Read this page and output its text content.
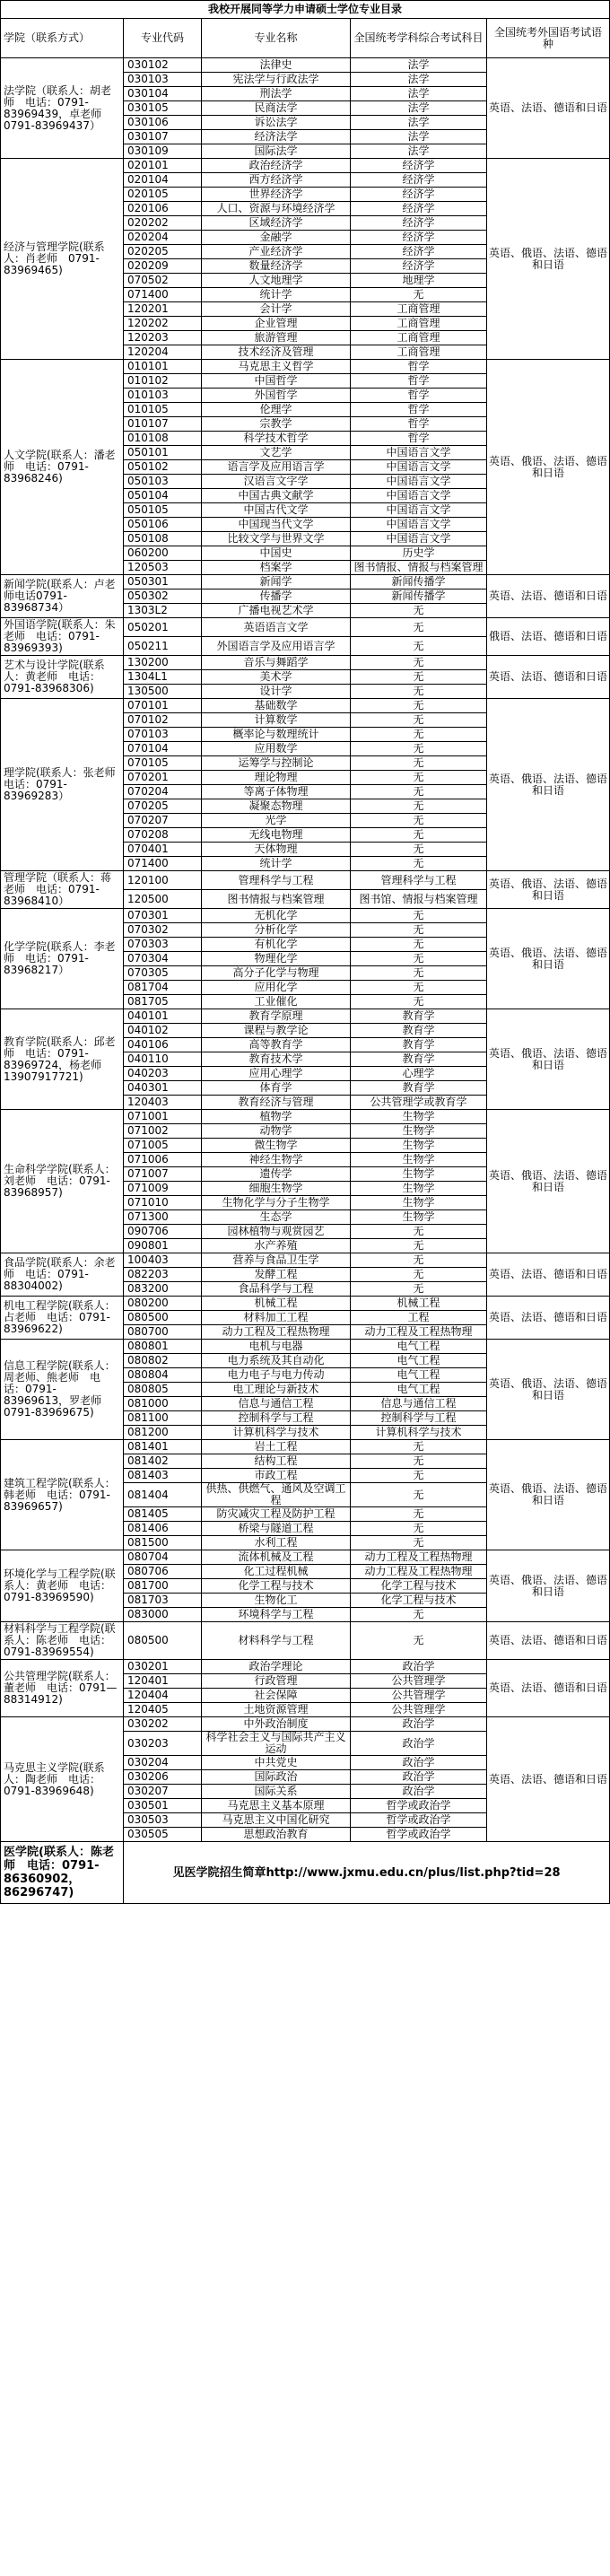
我校开展同等学力申请硕士学位专业目录				
学院（联系方式）	专业代码	专业名称	全国统考学科综合考试科目	全国统考外国语考试语种
法学院（联系人：胡老师　电话：0791-83969439，卓老师0791-83969437）	030102	法律史	法学	英语、法语、德语和日语
	030103	宪法学与行政法学	法学	
	030104	刑法学	法学	
	030105	民商法学	法学	
	030106	诉讼法学	法学	
	030107	经济法学	法学	
	030109	国际法学	法学	
经济与管理学院(联系人：肖老师　0791-83969465)	020101	政治经济学	经济学	英语、俄语、法语、德语和日语
	020104	西方经济学	经济学	
	020105	世界经济学	经济学	
	020106	人口、资源与环境经济学	经济学	
	020202	区域经济学	经济学	
	020204	金融学	经济学	
	020205	产业经济学	经济学	
	020209	数量经济学	经济学	
	070502	人文地理学	地理学	
	071400	统计学	无	
	120201	会计学	工商管理	
	120202	企业管理	工商管理	
	120203	旅游管理	工商管理	
	120204	技术经济及管理	工商管理	
人文学院(联系人：潘老师　电话：0791-83968246)	010101	马克思主义哲学	哲学	英语、俄语、法语、德语和日语
	010102	中国哲学	哲学	
	010103	外国哲学	哲学	
	010105	伦理学	哲学	
	010107	宗教学	哲学	
	010108	科学技术哲学	哲学	
	050101	文艺学	中国语言文学	
	050102	语言学及应用语言学	中国语言文学	
	050103	汉语言文字学	中国语言文学	
	050104	中国古典文献学	中国语言文学	
	050105	中国古代文学	中国语言文学	
	050106	中国现当代文学	中国语言文学	
	050108	比较文学与世界文学	中国语言文学	
	060200	中国史	历史学	
	120503	档案学	图书情报、情报与档案管理	
新闻学院(联系人：卢老师电话0791-83968734）	050301	新闻学	新闻传播学	英语、法语、德语和日语
	050302	传播学	新闻传播学	
	1303L2	广播电视艺术学	无	
外国语学院(联系人：朱老师　电话：0791-83969393)	050201	英语语言文学	无	俄语、法语、德语和日语
	050211	外国语言学及应用语言学	无	
艺术与设计学院(联系人：黄老师　电话：0791-83968306)	130200	音乐与舞蹈学	无	英语、法语、德语和日语
	1304L1	美术学	无	
	130500	设计学	无	
理学院(联系人：张老师　电话：0791-83969283）	070101	基础数学	无	英语、俄语、法语、德语和日语
	070102	计算数学	无	
	070103	概率论与数理统计	无	
	070104	应用数学	无	
	070105	运筹学与控制论	无	
	070201	理论物理	无	
	070204	等离子体物理	无	
	070205	凝聚态物理	无	
	070207	光学	无	
	070208	无线电物理	无	
	070401	天体物理	无	
	071400	统计学	无	
管理学院（联系人：蒋老师　电话：0791-83968410）	120100	管理科学与工程	管理科学与工程	英语、俄语、法语、德语和日语
	120500	图书情报与档案管理	图书馆、情报与档案管理	
化学学院(联系人：李老师　电话：0791-83968217）	070301	无机化学	无	英语、俄语、法语、德语和日语
	070302	分析化学	无	
	070303	有机化学	无	
	070304	物理化学	无	
	070305	高分子化学与物理	无	
	081704	应用化学	无	
	081705	工业催化	无	
教育学院(联系人：邱老师　电话：0791-83969724，杨老师13907917721)	040101	教育学原理	教育学	英语、俄语、法语、德语和日语
	040102	课程与教学论	教育学	
	040106	高等教育学	教育学	
	040110	教育技术学	教育学	
	040203	应用心理学	心理学	
	040301	体育学	教育学	
	120403	教育经济与管理	公共管理学或教育学	
生命科学学院(联系人：刘老师　电话：0791-83968957)	071001	植物学	生物学	英语、俄语、法语、德语和日语
	071002	动物学	生物学	
	071005	微生物学	生物学	
	071006	神经生物学	生物学	
	071007	遗传学	生物学	
	071009	细胞生物学	生物学	
	071010	生物化学与分子生物学	生物学	
	071300	生态学	生物学	
	090706	园林植物与观赏园艺	无	
	090801	水产养殖	无	
食品学院(联系人：余老师　电话：0791-88304002)	100403	营养与食品卫生学	无	英语、法语、德语和日语
	082203	发酵工程	无	
	083200	食品科学与工程	无	
机电工程学院(联系人：占老师　电话：0791-83969622)	080200	机械工程	机械工程	英语、法语、德语和日语
	080500	材料加工工程	工程	
	080700	动力工程及工程热物理	动力工程及工程热物理	
信息工程学院(联系人：周老师、熊老师　电话：0791-83969613，罗老师0791-83969675)	080801	电机与电器	电气工程	英语、俄语、法语、德语和日语
	080802	电力系统及其自动化	电气工程	
	080804	电力电子与电力传动	电气工程	
	080805	电工理论与新技术	电气工程	
	081000	信息与通信工程	信息与通信工程	
	081100	控制科学与工程	控制科学与工程	
	081200	计算机科学与技术	计算机科学与技术	
建筑工程学院(联系人：韩老师　电话：0791-83969657)	081401	岩土工程	无	英语、俄语、法语、德语和日语
	081402	结构工程	无	
	081403	市政工程	无	
	081404	供热、供燃气、通风及空调工程	无	
	081405	防灾减灾工程及防护工程	无	
	081406	桥梁与隧道工程	无	
	081500	水利工程	无	
环境化学与工程学院(联系人：黄老师　电话：0791-83969590)	080704	流体机械及工程	动力工程及工程热物理	英语、俄语、法语、德语和日语
	080706	化工过程机械	动力工程及工程热物理	
	081700	化学工程与技术	化学工程与技术	
	081703	生物化工	化学工程与技术	
	083000	环境科学与工程	无	
材料科学与工程学院(联系人：陈老师　电话：0791-83969554)	080500	材料科学与工程	无	英语、法语、德语和日语
公共管理学院(联系人：董老师　电话：0791—88314912)	030201	政治学理论	政治学	英语、法语、德语和日语
	120401	行政管理	公共管理学	
	120404	社会保障	公共管理学	
	120405	土地资源管理	公共管理学	
马克思主义学院(联系人：陶老师　电话：0791-83969648)	030202	中外政治制度	政治学	英语、法语、德语和日语
	030203	科学社会主义与国际共产主义运动	政治学	
	030204	中共党史	政治学	
	030206	国际政治	政治学	
	030207	国际关系	政治学	
	030501	马克思主义基本原理	哲学或政治学	
	030503	马克思主义中国化研究	哲学或政治学	
	030505	思想政治教育	哲学或政治学	
医学院(联系人：陈老师　电话：0791-86360902，86296747)	见医学院招生简章http://www.jxmu.edu.cn/plus/list.php?tid=28			
